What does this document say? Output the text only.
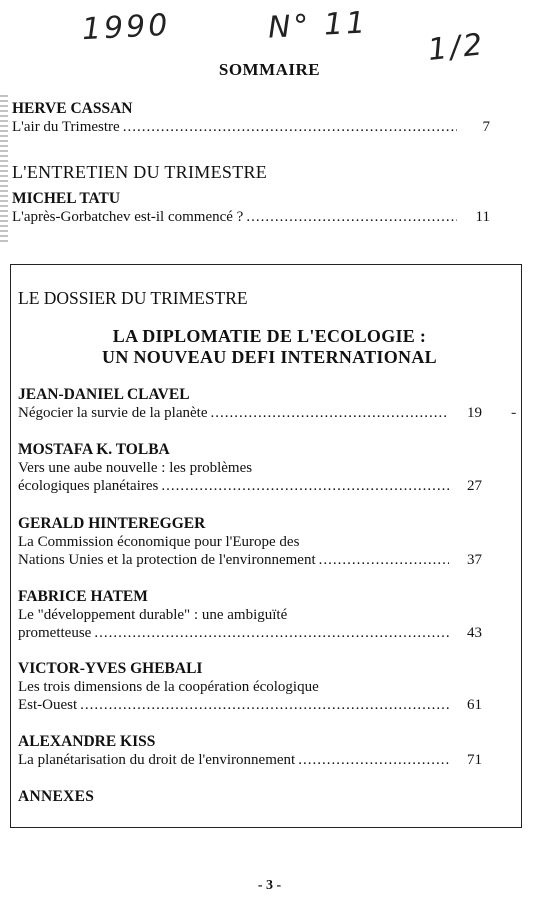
1990	N° 11
1/2
SOMMAIRE
HERVE CASSAN
L'air du Trimestre .....	7
L'ENTRETIEN DU TRIMESTRE
MICHEL TATU
L'après-Gorbatchev est-il commencé ? .....	11
LE DOSSIER DU TRIMESTRE
LA DIPLOMATIE DE L'ECOLOGIE :
UN NOUVEAU DEFI INTERNATIONAL
JEAN-DANIEL CLAVEL
Négocier la survie de la planète .....	19
MOSTAFA K. TOLBA
Vers une aube nouvelle : les problèmes
écologiques planétaires .....	27
GERALD HINTEREGGER
La Commission économique pour l'Europe des
Nations Unies et la protection de l'environnement .....	37
FABRICE HATEM
Le "développement durable" : une ambiguïté
prometteuse .....	43
VICTOR-YVES GHEBALI
Les trois dimensions de la coopération écologique
Est-Ouest .....	61
ALEXANDRE KISS
La planétarisation du droit de l'environnement .....	71
-
ANNEXES
- 3 -
